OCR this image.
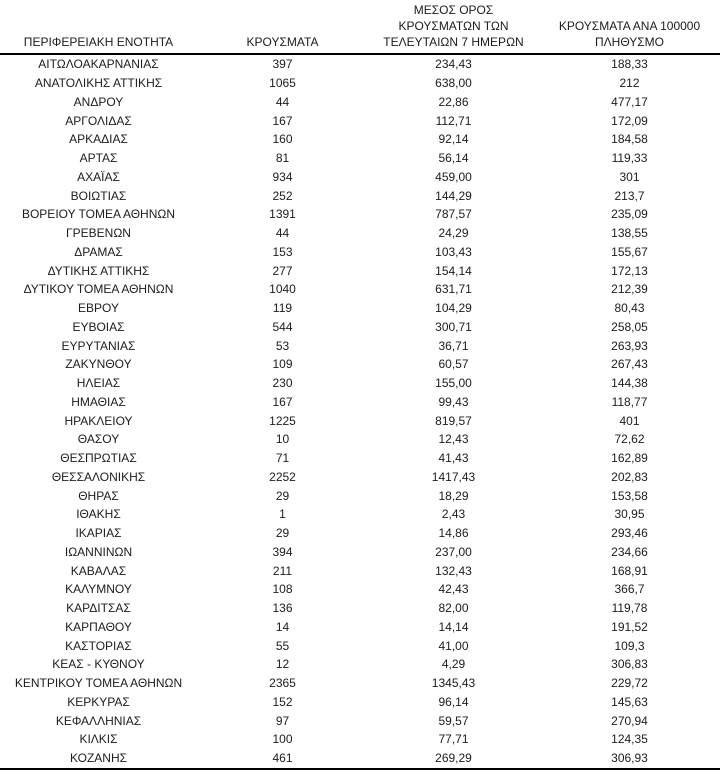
ΠΕΡΙΦΕΡΕΙΑΚΗ ΕΝΟΤΗΤΑ	ΚΡΟΥΣΜΑΤΑ	ΜΕΣΟΣ ΟΡΟΣ
ΚΡΟΥΣΜΑΤΩΝ ΤΩΝ
ΤΕΛΕΥΤΑΙΩΝ 7 ΗΜΕΡΩΝ	ΚΡΟΥΣΜΑΤΑ ΑΝΑ 100000
ΠΛΗΘΥΣΜΟ
ΑΙΤΩΛΟΑΚΑΡΝΑΝΙΑΣ	397	234,43	188,33
ΑΝΑΤΟΛΙΚΗΣ ΑΤΤΙΚΗΣ	1065	638,00	212
ΑΝΔΡΟΥ	44	22,86	477,17
ΑΡΓΟΛΙΔΑΣ	167	112,71	172,09
ΑΡΚΑΔΙΑΣ	160	92,14	184,58
ΑΡΤΑΣ	81	56,14	119,33
ΑΧΑΪΑΣ	934	459,00	301
ΒΟΙΩΤΙΑΣ	252	144,29	213,7
ΒΟΡΕΙΟΥ ΤΟΜΕΑ ΑΘΗΝΩΝ	1391	787,57	235,09
ΓΡΕΒΕΝΩΝ	44	24,29	138,55
ΔΡΑΜΑΣ	153	103,43	155,67
ΔΥΤΙΚΗΣ ΑΤΤΙΚΗΣ	277	154,14	172,13
ΔΥΤΙΚΟΥ ΤΟΜΕΑ ΑΘΗΝΩΝ	1040	631,71	212,39
ΕΒΡΟΥ	119	104,29	80,43
ΕΥΒΟΙΑΣ	544	300,71	258,05
ΕΥΡΥΤΑΝΙΑΣ	53	36,71	263,93
ΖΑΚΥΝΘΟΥ	109	60,57	267,43
ΗΛΕΙΑΣ	230	155,00	144,38
ΗΜΑΘΙΑΣ	167	99,43	118,77
ΗΡΑΚΛΕΙΟΥ	1225	819,57	401
ΘΑΣΟΥ	10	12,43	72,62
ΘΕΣΠΡΩΤΙΑΣ	71	41,43	162,89
ΘΕΣΣΑΛΟΝΙΚΗΣ	2252	1417,43	202,83
ΘΗΡΑΣ	29	18,29	153,58
ΙΘΑΚΗΣ	1	2,43	30,95
ΙΚΑΡΙΑΣ	29	14,86	293,46
ΙΩΑΝΝΙΝΩΝ	394	237,00	234,66
ΚΑΒΑΛΑΣ	211	132,43	168,91
ΚΑΛΥΜΝΟΥ	108	42,43	366,7
ΚΑΡΔΙΤΣΑΣ	136	82,00	119,78
ΚΑΡΠΑΘΟΥ	14	14,14	191,52
ΚΑΣΤΟΡΙΑΣ	55	41,00	109,3
ΚΕΑΣ - ΚΥΘΝΟΥ	12	4,29	306,83
ΚΕΝΤΡΙΚΟΥ ΤΟΜΕΑ ΑΘΗΝΩΝ	2365	1345,43	229,72
ΚΕΡΚΥΡΑΣ	152	96,14	145,63
ΚΕΦΑΛΛΗΝΙΑΣ	97	59,57	270,94
ΚΙΛΚΙΣ	100	77,71	124,35
ΚΟΖΑΝΗΣ	461	269,29	306,93
